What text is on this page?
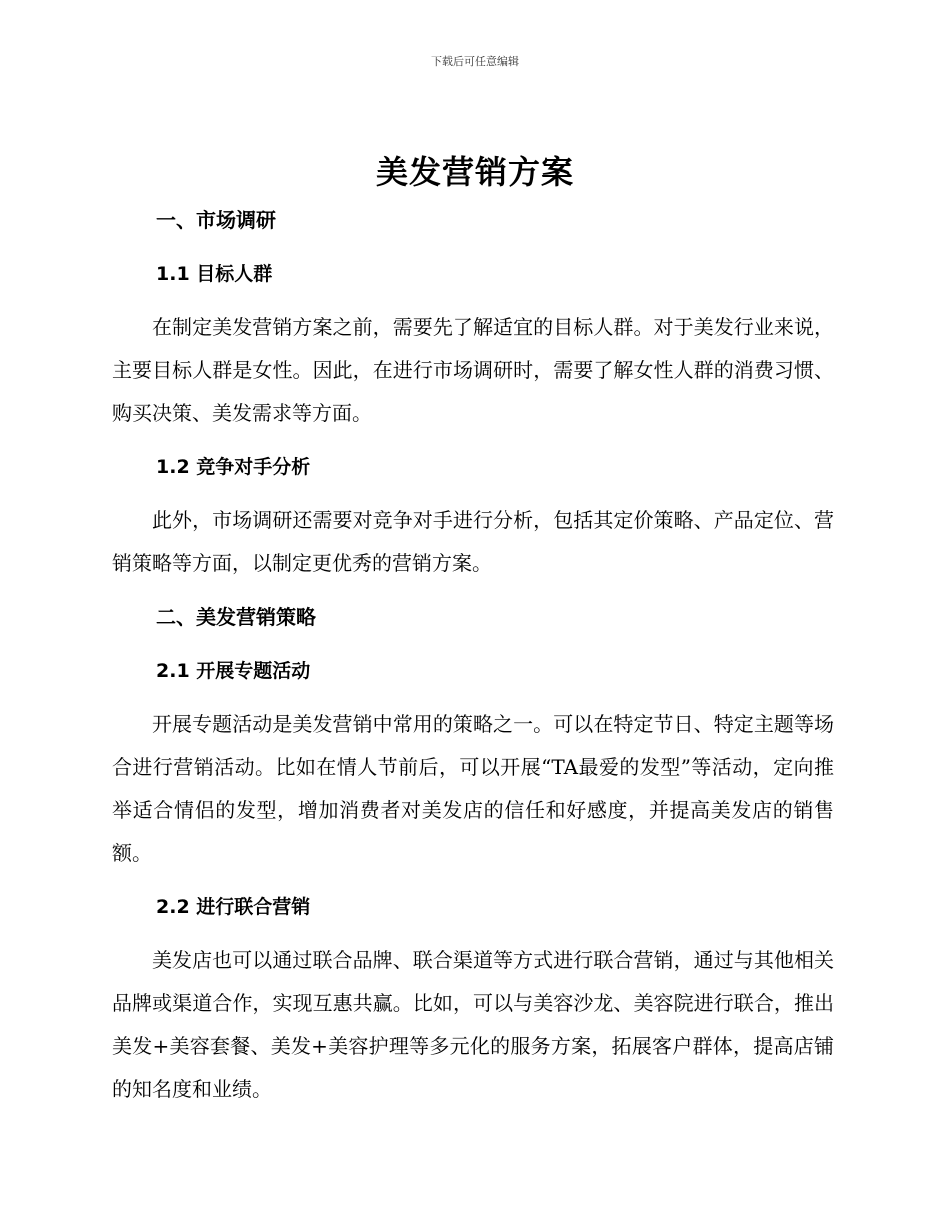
下载后可任意编辑
美发营销方案
一、市场调研
1.1 目标人群

在制定美发营销方案之前，需要先了解适宜的目标人群。对于美发行业来说，主要目标人群是女性。因此，在进行市场调研时，需要了解女性人群的消费习惯、购买决策、美发需求等方面。

1.2 竞争对手分析

此外，市场调研还需要对竞争对手进行分析，包括其定价策略、产品定位、营销策略等方面，以制定更优秀的营销方案。

二、美发营销策略
2.1 开展专题活动

开展专题活动是美发营销中常用的策略之一。可以在特定节日、特定主题等场合进行营销活动。比如在情人节前后，可以开展“TA最爱的发型”等活动，定向推举适合情侣的发型，增加消费者对美发店的信任和好感度，并提高美发店的销售额。

2.2 进行联合营销

美发店也可以通过联合品牌、联合渠道等方式进行联合营销，通过与其他相关品牌或渠道合作，实现互惠共赢。比如，可以与美容沙龙、美容院进行联合，推出美发+美容套餐、美发+美容护理等多元化的服务方案，拓展客户群体，提高店铺的知名度和业绩。
